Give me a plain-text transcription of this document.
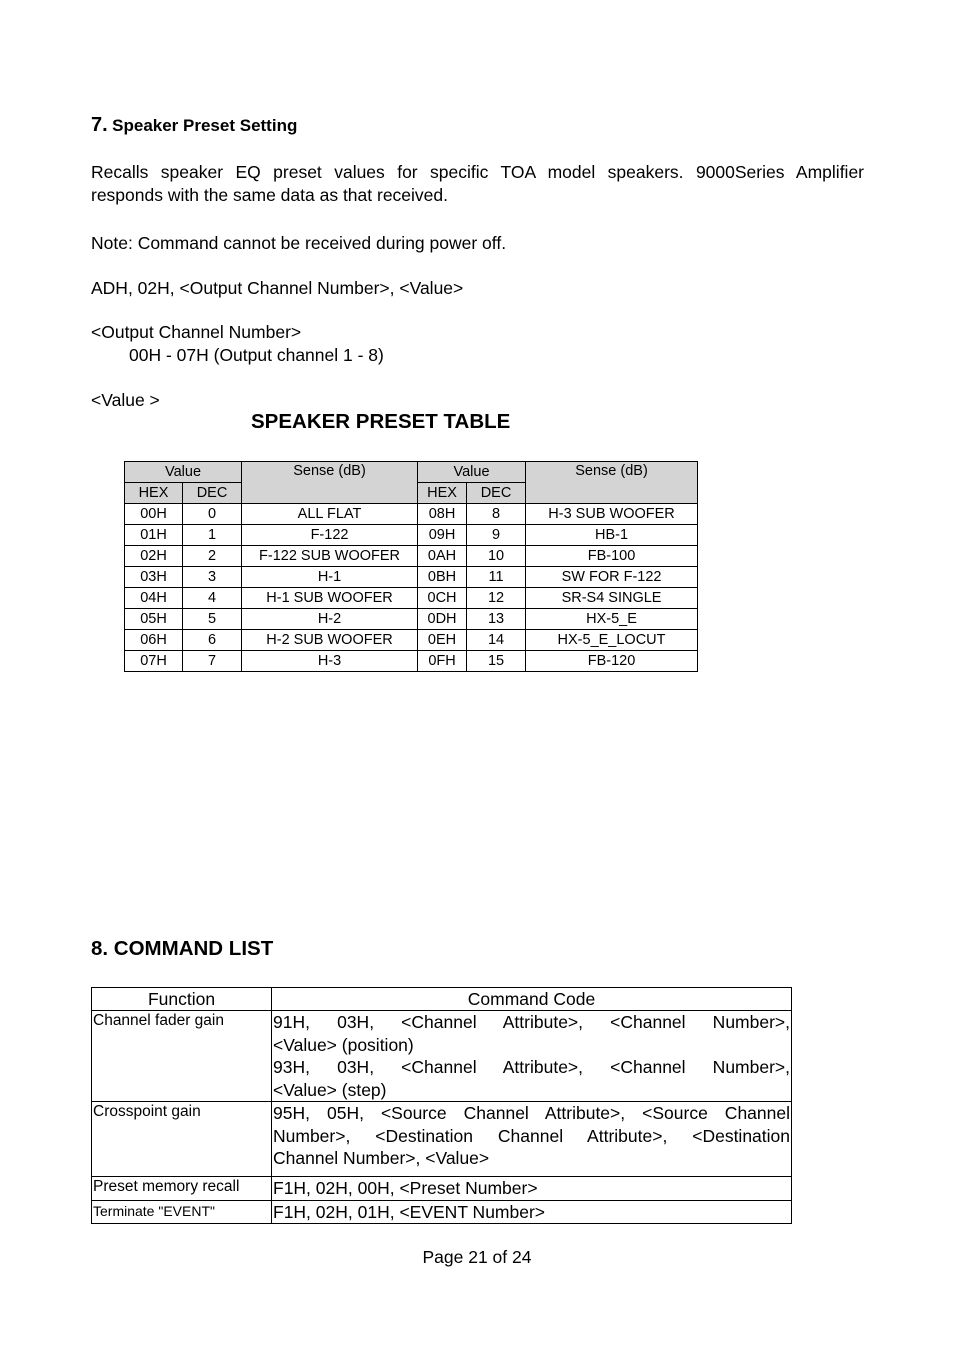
7. Speaker Preset Setting
Recalls speaker EQ preset values for specific TOA model speakers. 9000Series Amplifier
responds with the same data as that received.
Note: Command cannot be received during power off.
ADH, 02H, <Output Channel Number>, <Value>
<Output Channel Number>
00H - 07H (Output channel 1 - 8)
<Value >
SPEAKER PRESET TABLE
Value		Sense (dB)	Value		Sense (dB)
HEX	DEC		HEX	DEC	
00H	0	ALL FLAT	08H	8	H-3 SUB WOOFER
01H	1	F-122	09H	9	HB-1
02H	2	F-122 SUB WOOFER	0AH	10	FB-100
03H	3	H-1	0BH	11	SW FOR F-122
04H	4	H-1 SUB WOOFER	0CH	12	SR-S4 SINGLE
05H	5	H-2	0DH	13	HX-5_E
06H	6	H-2 SUB WOOFER	0EH	14	HX-5_E_LOCUT
07H	7	H-3	0FH	15	FB-120
8. COMMAND LIST
Function	Command Code
Channel fader gain	91H, 03H, <Channel Attribute>, <Channel Number>,
<Value> (position)
93H, 03H, <Channel Attribute>, <Channel Number>,
<Value> (step)

Crosspoint gain	95H, 05H, <Source Channel Attribute>, <Source Channel
Number>, <Destination Channel Attribute>, <Destination
Channel Number>, <Value>

Preset memory recall	F1H, 02H, 00H, <Preset Number>

Terminate "EVENT"	F1H, 02H, 01H, <EVENT Number>
Page 21 of 24
